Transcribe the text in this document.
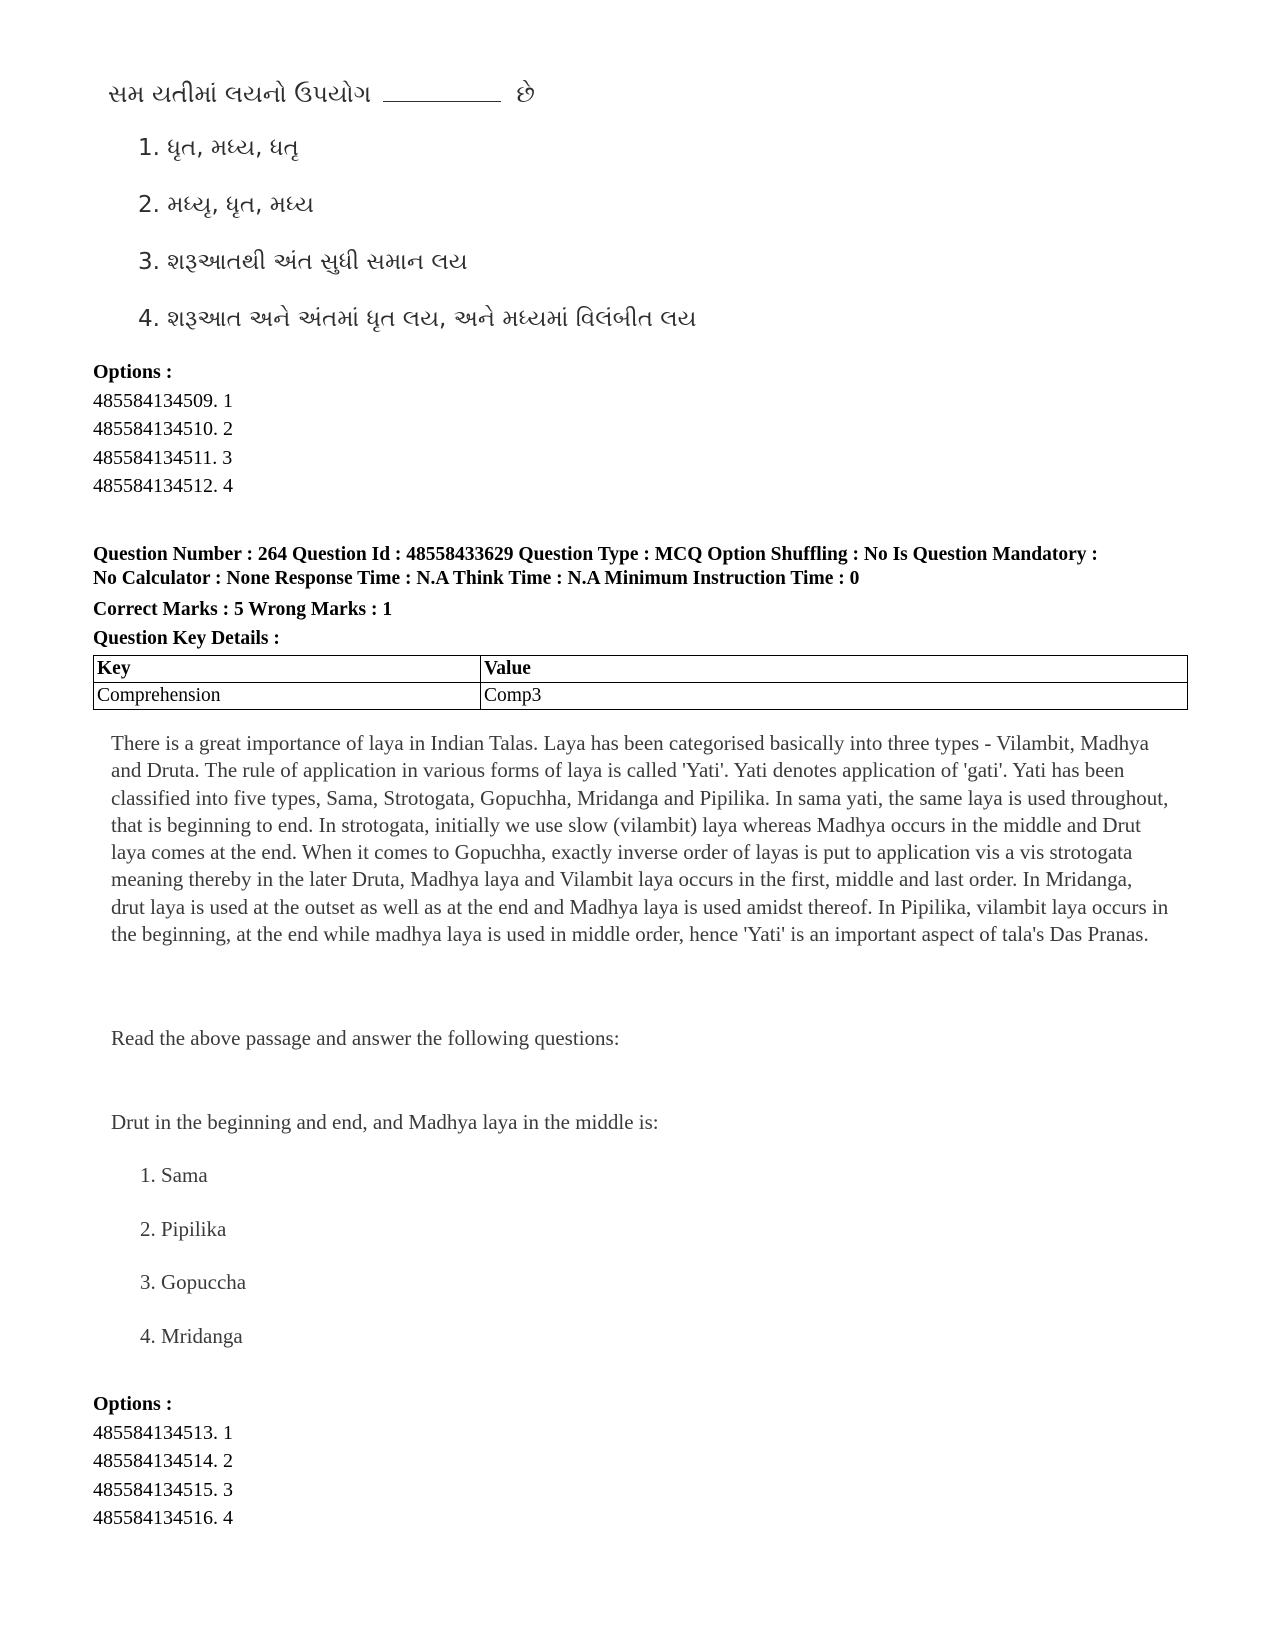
સમ યતીમાં લયનો ઉપયોગ	છે
1. ધૃત, મધ્ય, ધતૃ
2. મધ્યૃ, ધૃત, મધ્ય
3. શરૂઆતથી અંત સુધી સમાન લય
4. શરૂઆત અને અંતમાં ધૃત લય, અને મધ્યમાં વિલંબીત લય
Options :
485584134509. 1
485584134510. 2
485584134511. 3
485584134512. 4
Question Number : 264 Question Id : 48558433629 Question Type : MCQ Option Shuffling : No Is Question Mandatory :
No Calculator : None Response Time : N.A Think Time : N.A Minimum Instruction Time : 0
Correct Marks : 5 Wrong Marks : 1
Question Key Details :
Key	Value
Comprehension	Comp3
There is a great importance of laya in Indian Talas. Laya has been categorised basically into three types - Vilambit, Madhya and Druta. The rule of application in various forms of laya is called 'Yati'. Yati denotes application of 'gati'. Yati has been classified into five types, Sama, Strotogata, Gopuchha, Mridanga and Pipilika. In sama yati, the same laya is used throughout, that is beginning to end. In strotogata, initially we use slow (vilambit) laya whereas Madhya occurs in the middle and Drut laya comes at the end. When it comes to Gopuchha, exactly inverse order of layas is put to application vis a vis strotogata meaning thereby in the later Druta, Madhya laya and Vilambit laya occurs in the first, middle and last order. In Mridanga, drut laya is used at the outset as well as at the end and Madhya laya is used amidst thereof. In Pipilika, vilambit laya occurs in the beginning, at the end while madhya laya is used in middle order, hence 'Yati' is an important aspect of tala's Das Pranas.
Read the above passage and answer the following questions:
Drut in the beginning and end, and Madhya laya in the middle is:
1. Sama
2. Pipilika
3. Gopuccha
4. Mridanga
Options :
485584134513. 1
485584134514. 2
485584134515. 3
485584134516. 4
